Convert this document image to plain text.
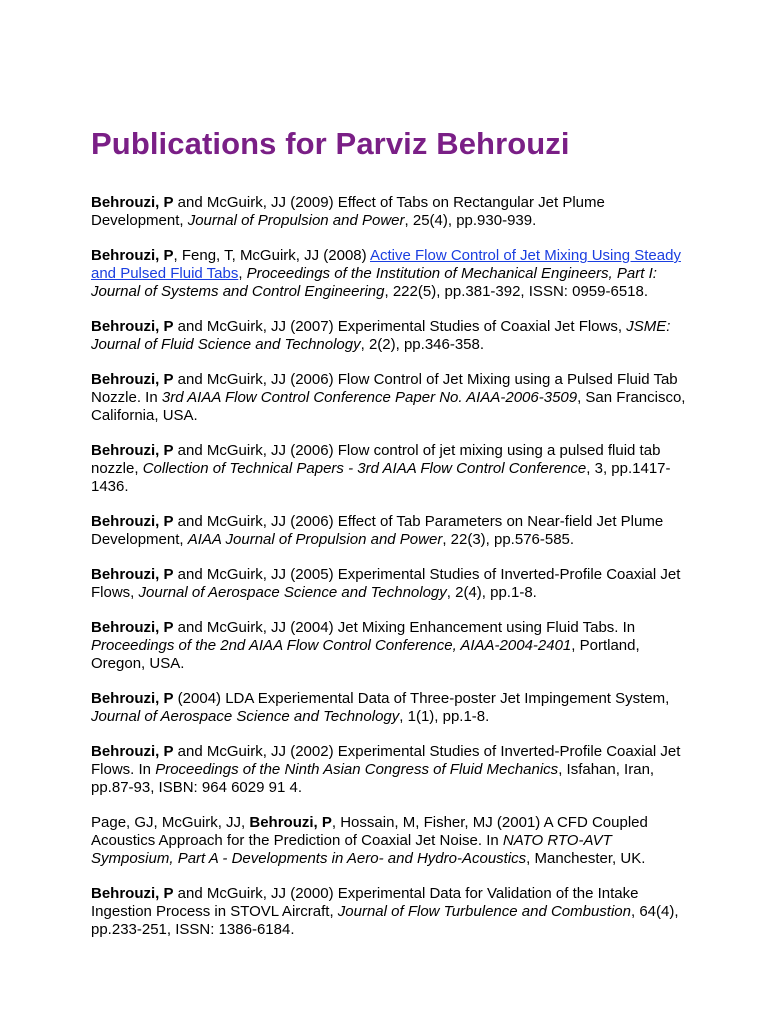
Publications for Parviz Behrouzi

Behrouzi, P and McGuirk, JJ (2009) Effect of Tabs on Rectangular Jet Plume Development, Journal of Propulsion and Power, 25(4), pp.930-939.

Behrouzi, P, Feng, T, McGuirk, JJ (2008) Active Flow Control of Jet Mixing Using Steady and Pulsed Fluid Tabs, Proceedings of the Institution of Mechanical Engineers, Part I: Journal of Systems and Control Engineering, 222(5), pp.381-392, ISSN: 0959-6518.

Behrouzi, P and McGuirk, JJ (2007) Experimental Studies of Coaxial Jet Flows, JSME: Journal of Fluid Science and Technology, 2(2), pp.346-358.

Behrouzi, P and McGuirk, JJ (2006) Flow Control of Jet Mixing using a Pulsed Fluid Tab Nozzle. In 3rd AIAA Flow Control Conference Paper No. AIAA-2006-3509, San Francisco, California, USA.

Behrouzi, P and McGuirk, JJ (2006) Flow control of jet mixing using a pulsed fluid tab nozzle, Collection of Technical Papers - 3rd AIAA Flow Control Conference, 3, pp.1417-1436.

Behrouzi, P and McGuirk, JJ (2006) Effect of Tab Parameters on Near-field Jet Plume Development, AIAA Journal of Propulsion and Power, 22(3), pp.576-585.

Behrouzi, P and McGuirk, JJ (2005) Experimental Studies of Inverted-Profile Coaxial Jet Flows, Journal of Aerospace Science and Technology, 2(4), pp.1-8.

Behrouzi, P and McGuirk, JJ (2004) Jet Mixing Enhancement using Fluid Tabs. In Proceedings of the 2nd AIAA Flow Control Conference, AIAA-2004-2401, Portland, Oregon, USA.

Behrouzi, P (2004) LDA Experiemental Data of Three-poster Jet Impingement System, Journal of Aerospace Science and Technology, 1(1), pp.1-8.

Behrouzi, P and McGuirk, JJ (2002) Experimental Studies of Inverted-Profile Coaxial Jet Flows. In Proceedings of the Ninth Asian Congress of Fluid Mechanics, Isfahan, Iran, pp.87-93, ISBN: 964 6029 91 4.

Page, GJ, McGuirk, JJ, Behrouzi, P, Hossain, M, Fisher, MJ (2001) A CFD Coupled Acoustics Approach for the Prediction of Coaxial Jet Noise. In NATO RTO-AVT Symposium, Part A - Developments in Aero- and Hydro-Acoustics, Manchester, UK.

Behrouzi, P and McGuirk, JJ (2000) Experimental Data for Validation of the Intake Ingestion Process in STOVL Aircraft, Journal of Flow Turbulence and Combustion, 64(4), pp.233-251, ISSN: 1386-6184.
